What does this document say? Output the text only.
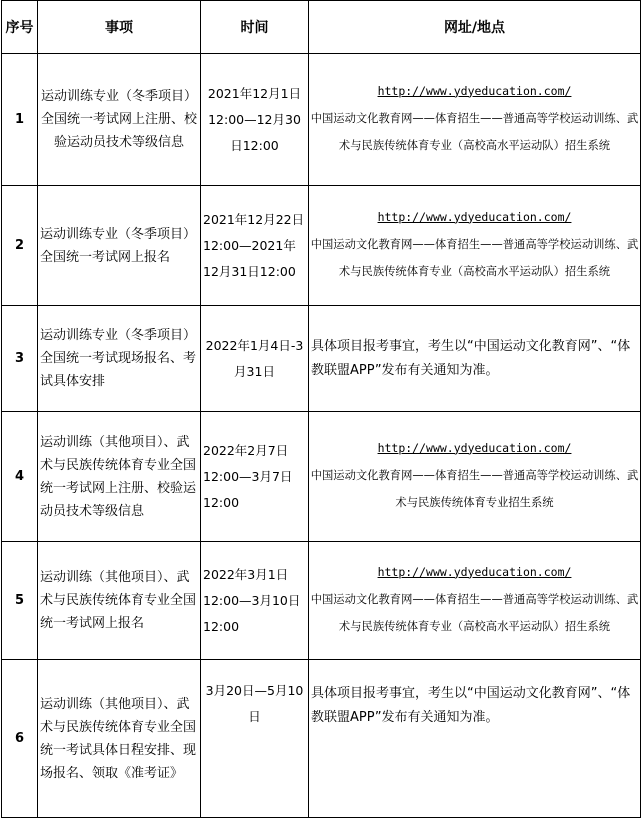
序号	事项	时间	网址/地点
1	运动训练专业（冬季项目）全国统一考试网上注册、校验运动员技术等级信息	2021年12月1日12:00—12月30日12:00	http://www.ydyeducation.com/
中国运动文化教育网——体育招生——普通高等学校运动训练、武术与民族传统体育专业（高校高水平运动队）招生系统
2	运动训练专业（冬季项目）全国统一考试网上报名	2021年12月22日12:00—2021年12月31日12:00	http://www.ydyeducation.com/
中国运动文化教育网——体育招生——普通高等学校运动训练、武术与民族传统体育专业（高校高水平运动队）招生系统
3	运动训练专业（冬季项目）全国统一考试现场报名、考试具体安排	2022年1月4日-3月31日	具体项目报考事宜，考生以“中国运动文化教育网”、“体教联盟APP”发布有关通知为准。
4	运动训练（其他项目）、武术与民族传统体育专业全国统一考试网上注册、校验运动员技术等级信息	2022年2月7日12:00—3月7日12:00	http://www.ydyeducation.com/
中国运动文化教育网——体育招生——普通高等学校运动训练、武术与民族传统体育专业招生系统
5	运动训练（其他项目）、武术与民族传统体育专业全国统一考试网上报名	2022年3月1日12:00—3月10日12:00	http://www.ydyeducation.com/
中国运动文化教育网——体育招生——普通高等学校运动训练、武术与民族传统体育专业（高校高水平运动队）招生系统
6	运动训练（其他项目）、武术与民族传统体育专业全国统一考试具体日程安排、现场报名、领取《准考证》	3月20日—5月10日	具体项目报考事宜，考生以“中国运动文化教育网”、“体教联盟APP”发布有关通知为准。
